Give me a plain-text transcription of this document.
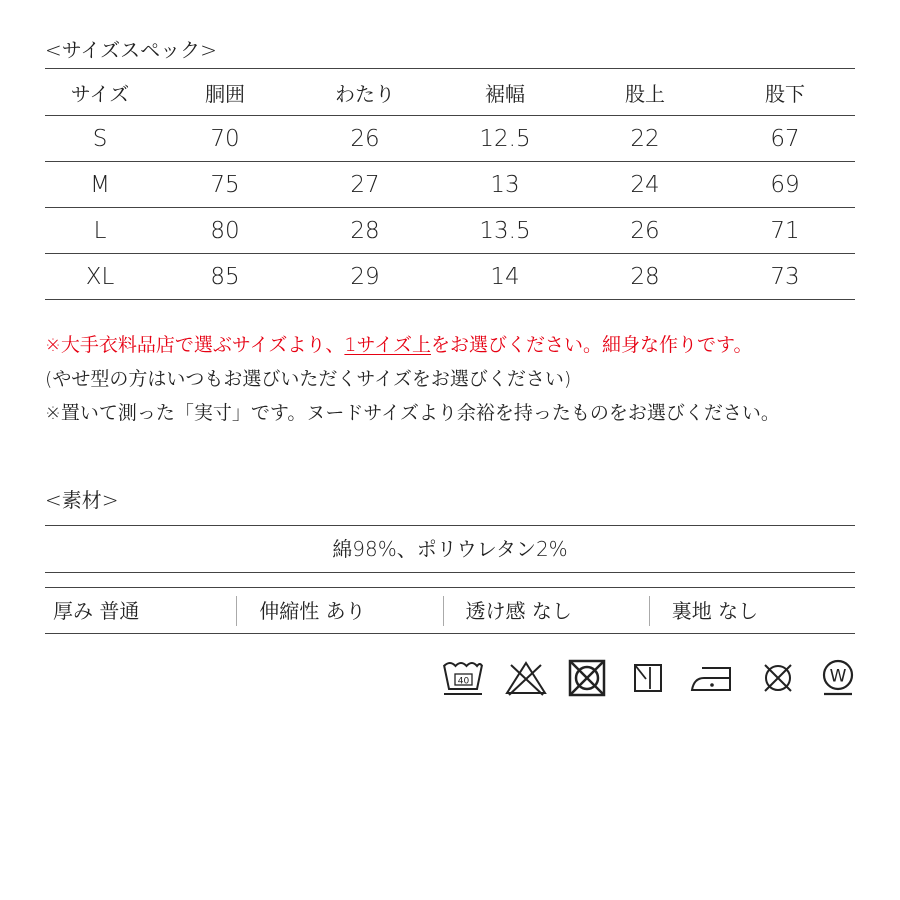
<サイズスペック>
サイズ	胴囲	わたり	裾幅	股上	股下
S	70	26	12.5	22	67
M	75	27	13	24	69
L	80	28	13.5	26	71
XL	85	29	14	28	73
※大手衣料品店で選ぶサイズより、1サイズ上をお選びください。細身な作りです。
(やせ型の方はいつもお選びいただくサイズをお選びください)
※置いて測った「実寸」です。ヌードサイズより余裕を持ったものをお選びください。
<素材>
綿98%、ポリウレタン2%
厚み 普通	伸縮性 あり	透け感 なし	裏地 なし
40	W
